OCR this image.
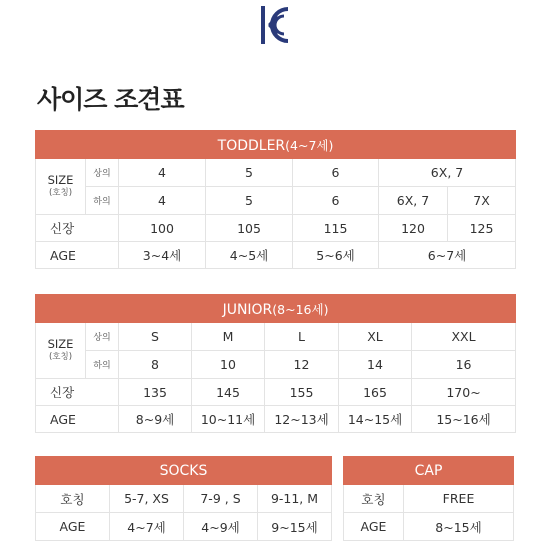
사이즈 조견표
TODDLER(4~7세)						

SIZE
(호칭)	상의	4	5	6	6X, 7	
	하의	4	5	6	6X, 7	7X
신장		100	105	115	120	125
AGE		3~4세	4~5세	5~6세	6~7세	
JUNIOR(8~16세)						

SIZE
(호칭)	상의	S	M	L	XL	XXL
	하의	8	10	12	14	16
신장		135	145	155	165	170~
AGE		8~9세	10~11세	12~13세	14~15세	15~16세
SOCKS			
호칭	5-7, XS	7-9 , S	9-11, M
AGE	4~7세	4~9세	9~15세
CAP	
호칭	FREE
AGE	8~15세
